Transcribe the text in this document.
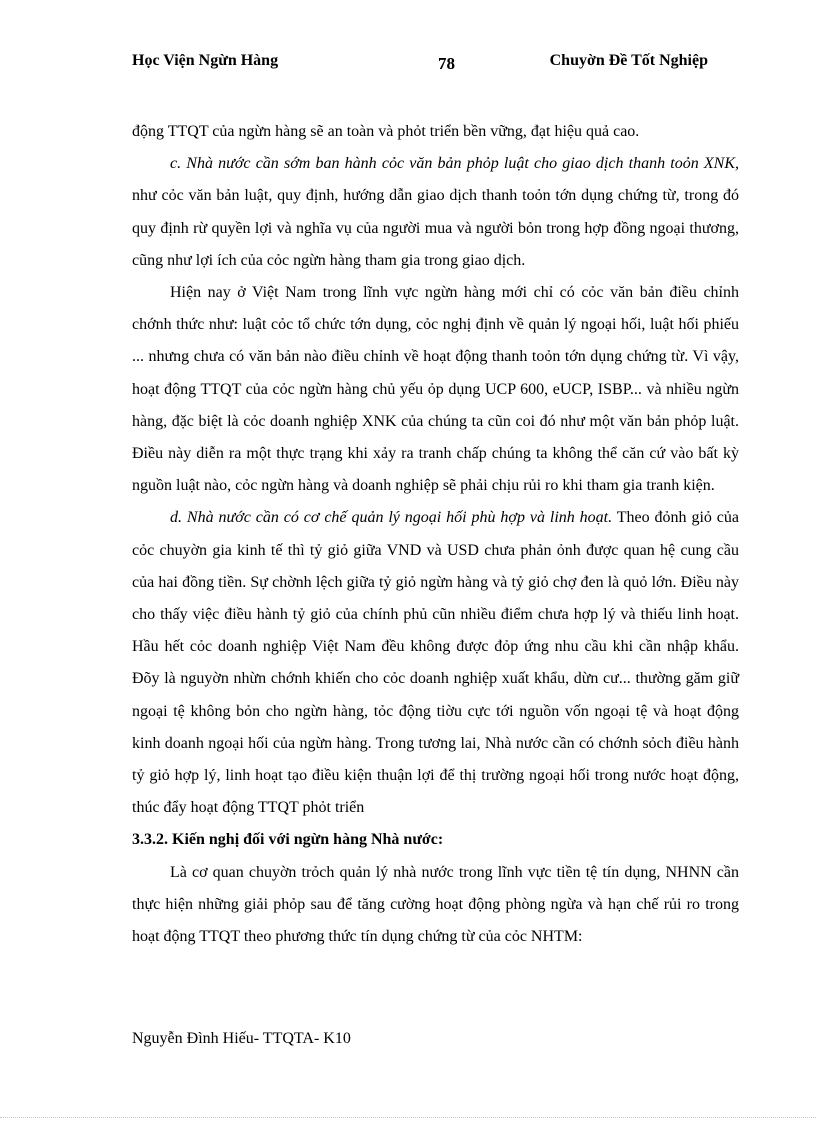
Học Viện Ngừn Hàng	78	Chuyờn Đề Tốt Nghiệp

động TTQT của ngừn hàng sẽ an toàn và phỏt triển bền vững, đạt hiệu quả cao.

c. Nhà nước cần sớm ban hành cỏc văn bản phỏp luật cho giao dịch thanh toỏn XNK, như cỏc văn bản luật, quy định, hướng dẫn giao dịch thanh toỏn tớn dụng chứng từ, trong đó quy định rừ quyền lợi và nghĩa vụ của người mua và người bỏn trong hợp đồng ngoại thương, cũng như lợi ích của cỏc ngừn hàng tham gia trong giao dịch.

Hiện nay ở Việt Nam trong lĩnh vực ngừn hàng mới chỉ có cỏc văn bản điều chỉnh chớnh thức như: luật cỏc tổ chức tớn dụng, cỏc nghị định về quản lý ngoại hối, luật hối phiếu ... nhưng chưa có văn bản nào điều chỉnh về hoạt động thanh toỏn tớn dụng chứng từ. Vì vậy, hoạt động TTQT của cỏc ngừn hàng chủ yếu ỏp dụng UCP 600, eUCP, ISBP... và nhiều ngừn hàng, đặc biệt là cỏc doanh nghiệp XNK của chúng ta cũn coi đó như một văn bản phỏp luật. Điều này diễn ra một thực trạng khi xảy ra tranh chấp chúng ta không thể căn cứ vào bất kỳ nguồn luật nào, cỏc ngừn hàng và doanh nghiệp sẽ phải chịu rủi ro khi tham gia tranh kiện.

d. Nhà nước cần có cơ chế quản lý ngoại hối phù hợp và linh hoạt. Theo đỏnh giỏ của cỏc chuyờn gia kinh tế thì tỷ giỏ giữa VND và USD chưa phản ỏnh được quan hệ cung cầu của hai đồng tiền. Sự chờnh lệch giữa tỷ giỏ ngừn hàng và tỷ giỏ chợ đen là quỏ lớn. Điều này cho thấy việc điều hành tỷ giỏ của chính phủ cũn nhiều điểm chưa hợp lý và thiếu linh hoạt. Hầu hết cỏc doanh nghiệp Việt Nam đều không được đỏp ứng nhu cầu khi cần nhập khẩu. Đõy là nguyờn nhừn chớnh khiến cho cỏc doanh nghiệp xuất khẩu, dừn cư... thường găm giữ ngoại tệ không bỏn cho ngừn hàng, tỏc động tiờu cực tới nguồn vốn ngoại tệ và hoạt động kinh doanh ngoại hối của ngừn hàng. Trong tương lai, Nhà nước cần có chớnh sỏch điều hành tỷ giỏ hợp lý, linh hoạt tạo điều kiện thuận lợi để thị trường ngoại hối trong nước hoạt động, thúc đẩy hoạt động TTQT phỏt triển

3.3.2. Kiến nghị đối với ngừn hàng Nhà nước:

Là cơ quan chuyờn trỏch quản lý nhà nước trong lĩnh vực tiền tệ tín dụng, NHNN cần thực hiện những giải phỏp sau để tăng cường hoạt động phòng ngừa và hạn chế rủi ro trong hoạt động TTQT theo phương thức tín dụng chứng từ của cỏc NHTM:

Nguyễn Đình Hiếu- TTQTA- K10
